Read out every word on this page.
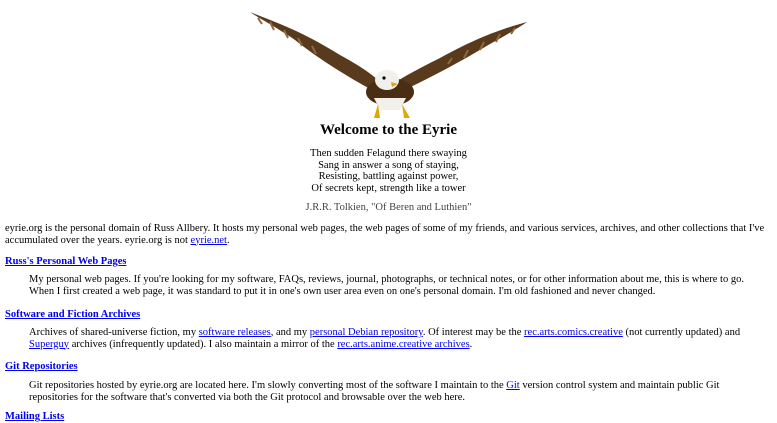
Welcome to the Eyrie
Then sudden Felagund there swaying
Sang in answer a song of staying,
Resisting, battling against power,
Of secrets kept, strength like a tower
J.R.R. Tolkien, "Of Beren and Luthien"
eyrie.org is the personal domain of Russ Allbery. It hosts my personal web pages, the web pages of some of my friends, and various services, archives, and other collections that I've accumulated over the years. eyrie.org is not eyrie.net.
Russ's Personal Web Pages
My personal web pages. If you're looking for my software, FAQs, reviews, journal, photographs, or technical notes, or for other information about me, this is where to go. When I first created a web page, it was standard to put it in one's own user area even on one's personal domain. I'm old fashioned and never changed.
Software and Fiction Archives
Archives of shared-universe fiction, my software releases, and my personal Debian repository. Of interest may be the rec.arts.comics.creative (not currently updated) and Superguy archives (infrequently updated). I also maintain a mirror of the rec.arts.anime.creative archives.
Git Repositories
Git repositories hosted by eyrie.org are located here. I'm slowly converting most of the software I maintain to the Git version control system and maintain public Git repositories for the software that's converted via both the Git protocol and browsable over the web here.
Mailing Lists
